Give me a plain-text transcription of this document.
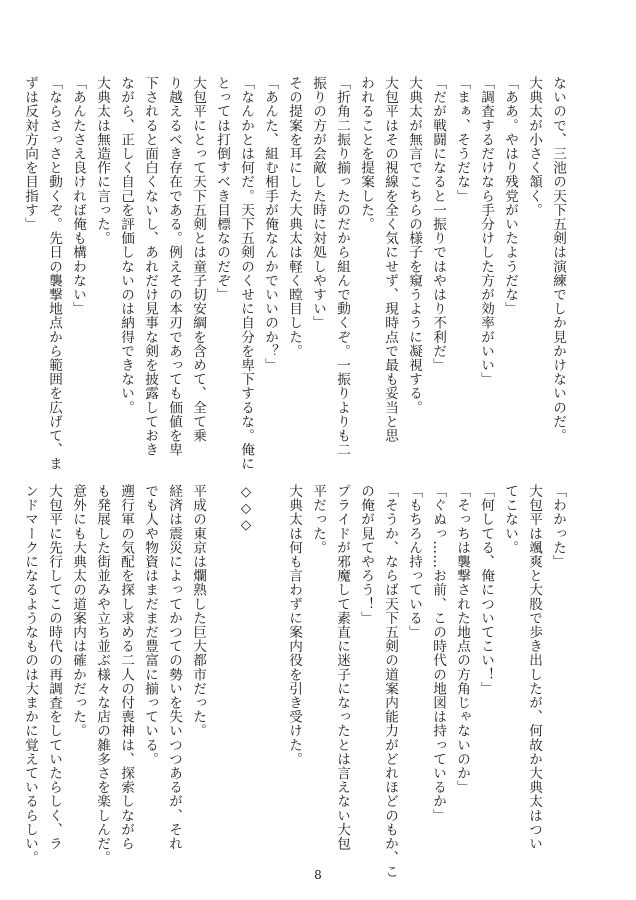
ないので、三池の天下五剣は演練でしか見かけないのだ。
大典太が小さく頷く。
「ああ。やはり残党がいたようだな」
「調査するだけなら手分けした方が効率がいい」
「まぁ、そうだな」
「だが戦闘になると一振りではやはり不利だ」
大典太が無言でこちらの様子を窺うように凝視する。
大包平はその視線を全く気にせず、現時点で最も妥当と思
われることを提案した。
「折角二振り揃ったのだから組んで動くぞ。一振りよりも二
振りの方が会敵した時に対処しやすい」
その提案を耳にした大典太は軽く瞠目した。
「あんた、組む相手が俺なんかでいいのか？」
「なんかとは何だ。天下五剣のくせに自分を卑下するな。俺に
とっては打倒すべき目標なのだぞ」
大包平にとって天下五剣とは童子切安綱を含めて、全て乗
り越えるべき存在である。例えその本刃であっても価値を卑
下されると面白くないし、あれだけ見事な剣を披露しておき
ながら、正しく自己を評価しないのは納得できない。
大典太は無造作に言った。
「あんたさえ良ければ俺も構わない」
「ならさっさと動くぞ。先日の襲撃地点から範囲を広げて、ま
ずは反対方向を目指す」
「わかった」
大包平は颯爽と大股で歩き出したが、何故か大典太はつい
てこない。
「何してる、俺についてこい！」
「そっちは襲撃された地点の方角じゃないのか」
「ぐぬっ……お前、この時代の地図は持っているか」
「もちろん持っている」
「そうか、ならば天下五剣の道案内能力がどれほどのもか、こ
の俺が見てやろう！」
プライドが邪魔して素直に迷子になったとは言えない大包
平だった。
大典太は何も言わずに案内役を引き受けた。
◇◇◇
平成の東京は爛熟した巨大都市だった。
経済は震災によってかつての勢いを失いつつあるが、それ
でも人や物資はまだまだ豊富に揃っている。
遡行軍の気配を探し求める二人の付喪神は、探索しながら
も発展した街並みや立ち並ぶ様々な店の雑多さを楽しんだ。
意外にも大典太の道案内は確かだった。
大包平に先行してこの時代の再調査をしていたらしく、ラ
ンドマークになるようなものは大まかに覚えているらしい。
8
